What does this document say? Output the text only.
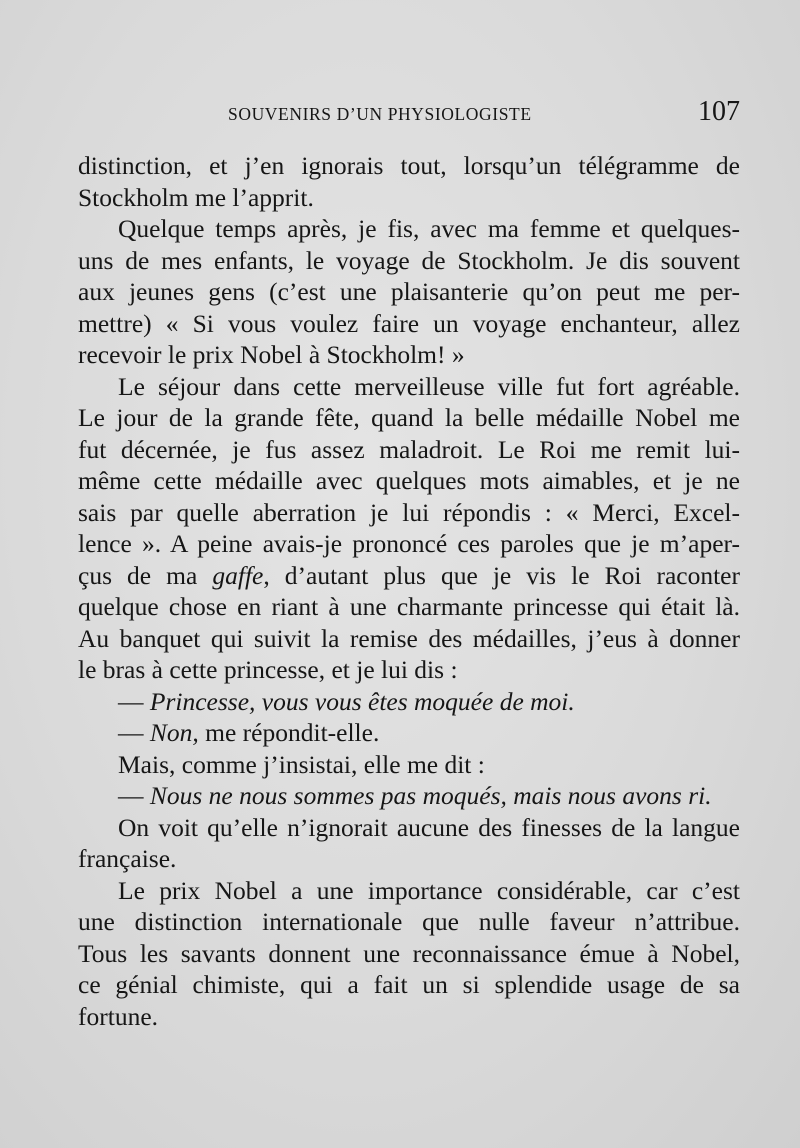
SOUVENIRS D’UN PHYSIOLOGISTE	107
distinction, et j’en ignorais tout, lorsqu’un télégramme de
Stockholm me l’apprit.
Quelque temps après, je fis, avec ma femme et quelques-
uns de mes enfants, le voyage de Stockholm. Je dis souvent
aux jeunes gens (c’est une plaisanterie qu’on peut me per-
mettre) « Si vous voulez faire un voyage enchanteur, allez
recevoir le prix Nobel à Stockholm! »
Le séjour dans cette merveilleuse ville fut fort agréable.
Le jour de la grande fête, quand la belle médaille Nobel me
fut décernée, je fus assez maladroit. Le Roi me remit lui-
même cette médaille avec quelques mots aimables, et je ne
sais par quelle aberration je lui répondis : « Merci, Excel-
lence ». A peine avais-je prononcé ces paroles que je m’aper-
çus de ma gaffe, d’autant plus que je vis le Roi raconter
quelque chose en riant à une charmante princesse qui était là.
Au banquet qui suivit la remise des médailles, j’eus à donner
le bras à cette princesse, et je lui dis :
— Princesse, vous vous êtes moquée de moi.
— Non, me répondit-elle.
Mais, comme j’insistai, elle me dit :
— Nous ne nous sommes pas moqués, mais nous avons ri.
On voit qu’elle n’ignorait aucune des finesses de la langue
française.
Le prix Nobel a une importance considérable, car c’est
une distinction internationale que nulle faveur n’attribue.
Tous les savants donnent une reconnaissance émue à Nobel,
ce génial chimiste, qui a fait un si splendide usage de sa
fortune.
